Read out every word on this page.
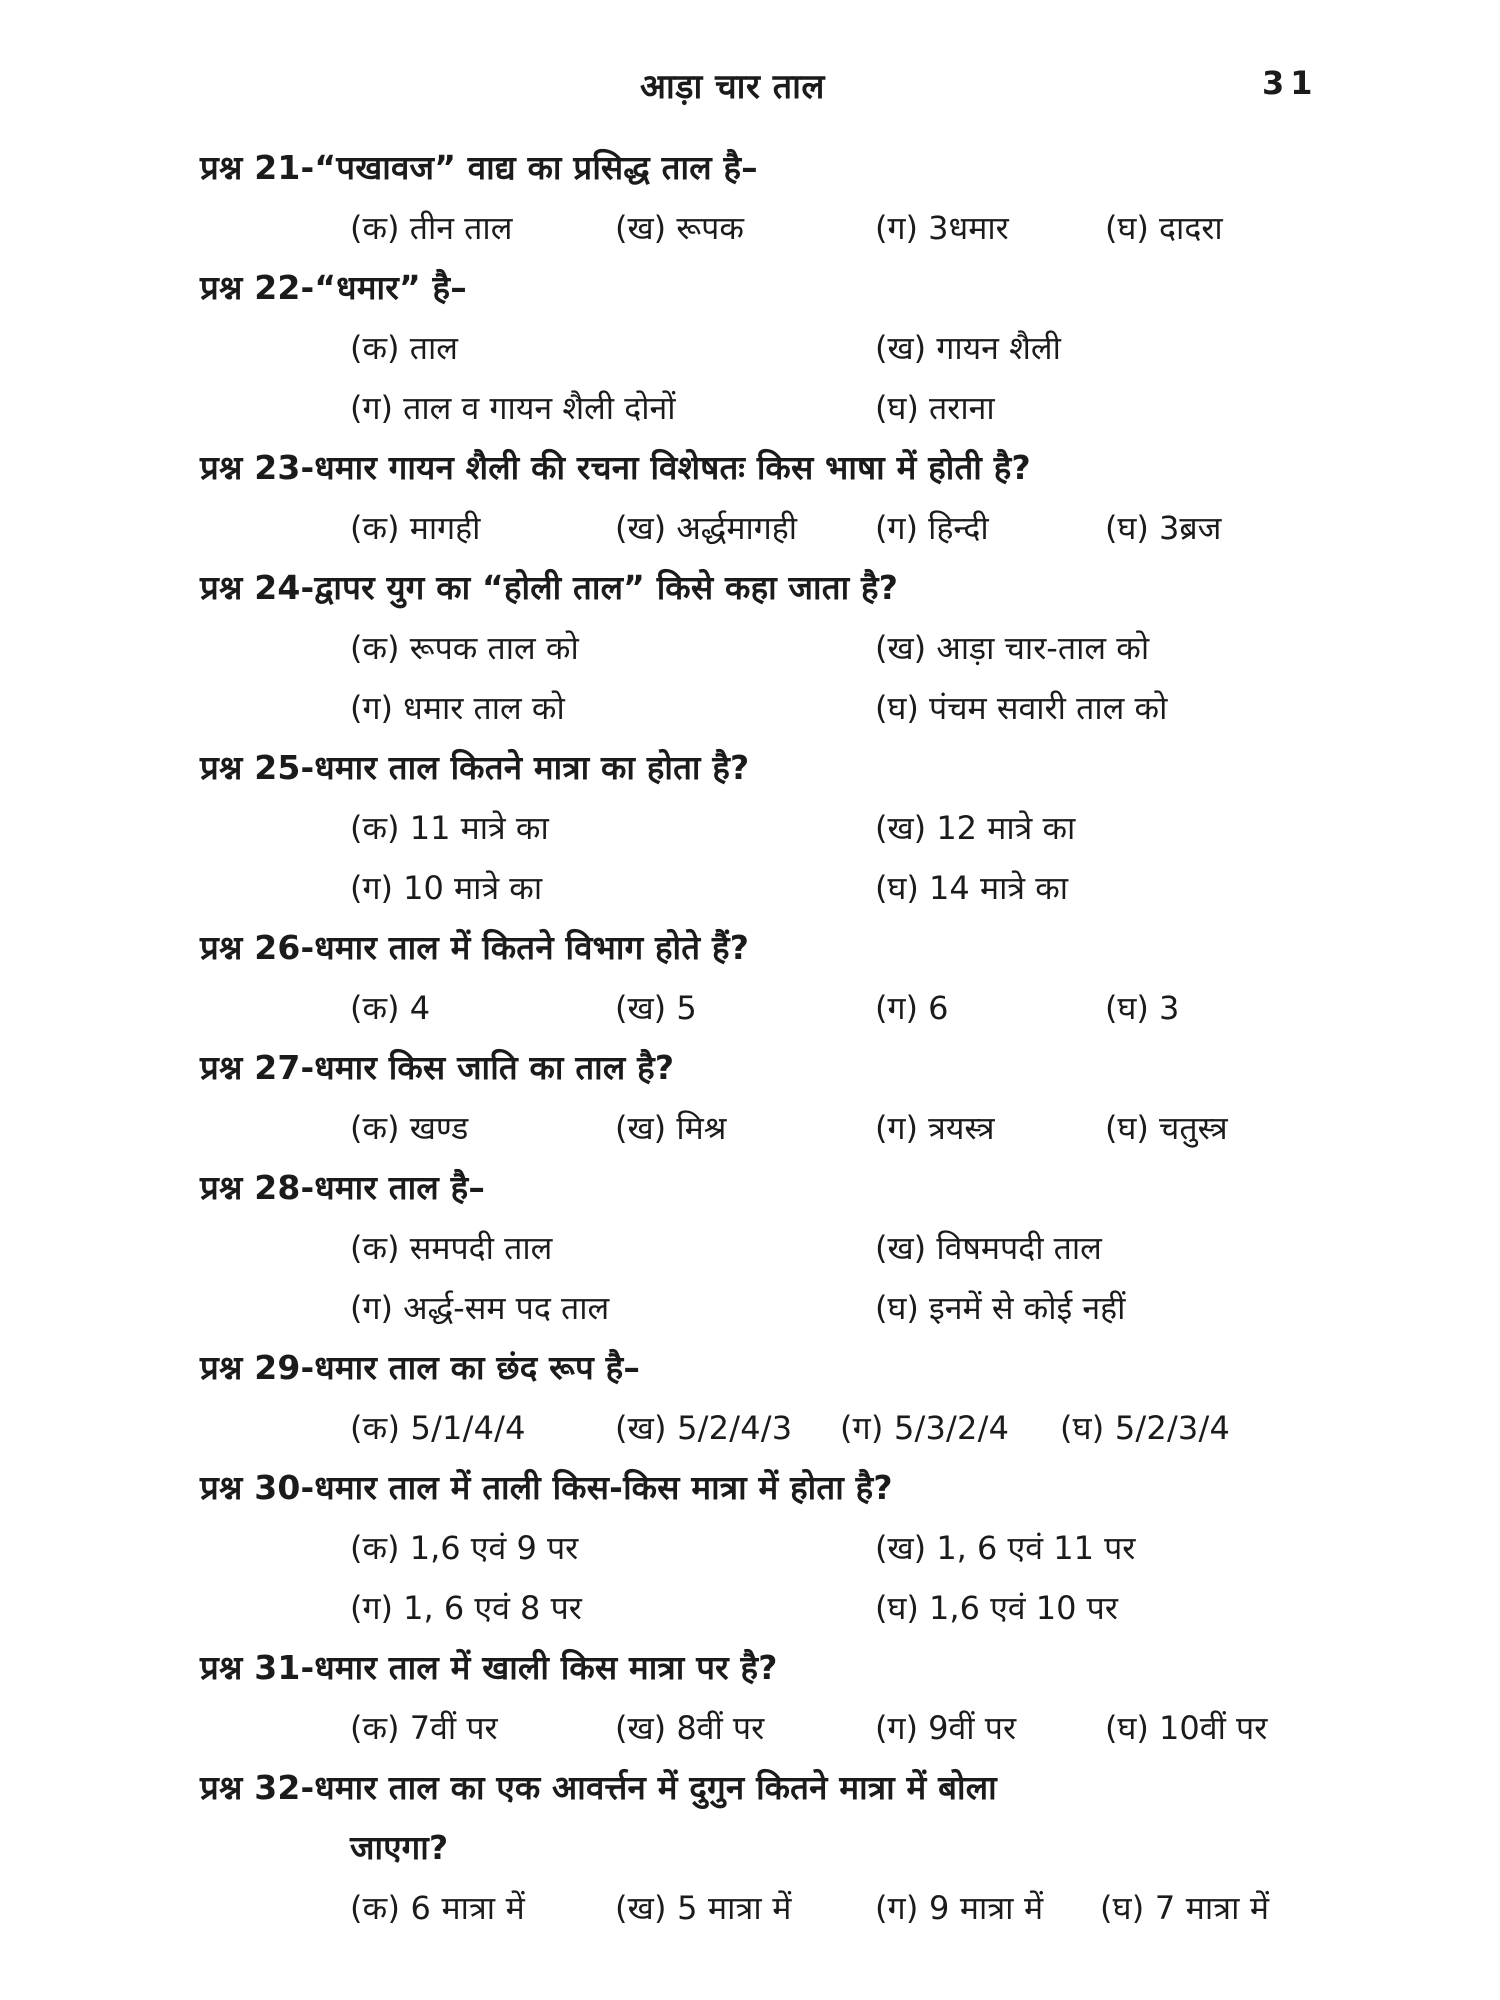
आड़ा चार ताल	31
प्रश्न 21-“पखावज” वाद्य का प्रसिद्ध ताल है–
(क) तीन ताल	(ख) रूपक	(ग) 3धमार	(घ) दादरा
प्रश्न 22-“धमार” है–
(क) ताल	(ख) गायन शैली
(ग) ताल व गायन शैली दोनों	(घ) तराना
प्रश्न 23-धमार गायन शैली की रचना विशेषतः किस भाषा में होती है?
(क) मागही	(ख) अर्द्धमागही (ग) हिन्दी	(घ) 3ब्रज
प्रश्न 24-द्वापर युग का “होली ताल” किसे कहा जाता है?
(क) रूपक ताल को	(ख) आड़ा चार-ताल को
(ग) धमार ताल को	(घ) पंचम सवारी ताल को
प्रश्न 25-धमार ताल कितने मात्रा का होता है?
(क) 11 मात्रे का	(ख) 12 मात्रे का
(ग) 10 मात्रे का	(घ) 14 मात्रे का
प्रश्न 26-धमार ताल में कितने विभाग होते हैं?
(क) 4	(ख) 5	(ग) 6	(घ) 3
प्रश्न 27-धमार किस जाति का ताल है?
(क) खण्ड	(ख) मिश्र	(ग) त्रयस्त्र	(घ) चतुस्त्र
प्रश्न 28-धमार ताल है–
(क) समपदी ताल	(ख) विषमपदी ताल
(ग) अर्द्ध-सम पद ताल	(घ) इनमें से कोई नहीं
प्रश्न 29-धमार ताल का छंद रूप है–
(क) 5/1/4/4	(ख) 5/2/4/3 (ग) 5/3/2/4 (घ) 5/2/3/4
प्रश्न 30-धमार ताल में ताली किस-किस मात्रा में होता है?
(क) 1,6 एवं 9 पर	(ख) 1, 6 एवं 11 पर
(ग) 1, 6 एवं 8 पर	(घ) 1,6 एवं 10 पर
प्रश्न 31-धमार ताल में खाली किस मात्रा पर है?
(क) 7वीं पर	(ख) 8वीं पर	(ग) 9वीं पर	(घ) 10वीं पर
प्रश्न 32-धमार ताल का एक आवर्त्तन में दुगुन कितने मात्रा में बोला
जाएगा?
(क) 6 मात्रा में	(ख) 5 मात्रा में	(ग) 9 मात्रा में (घ) 7 मात्रा में
